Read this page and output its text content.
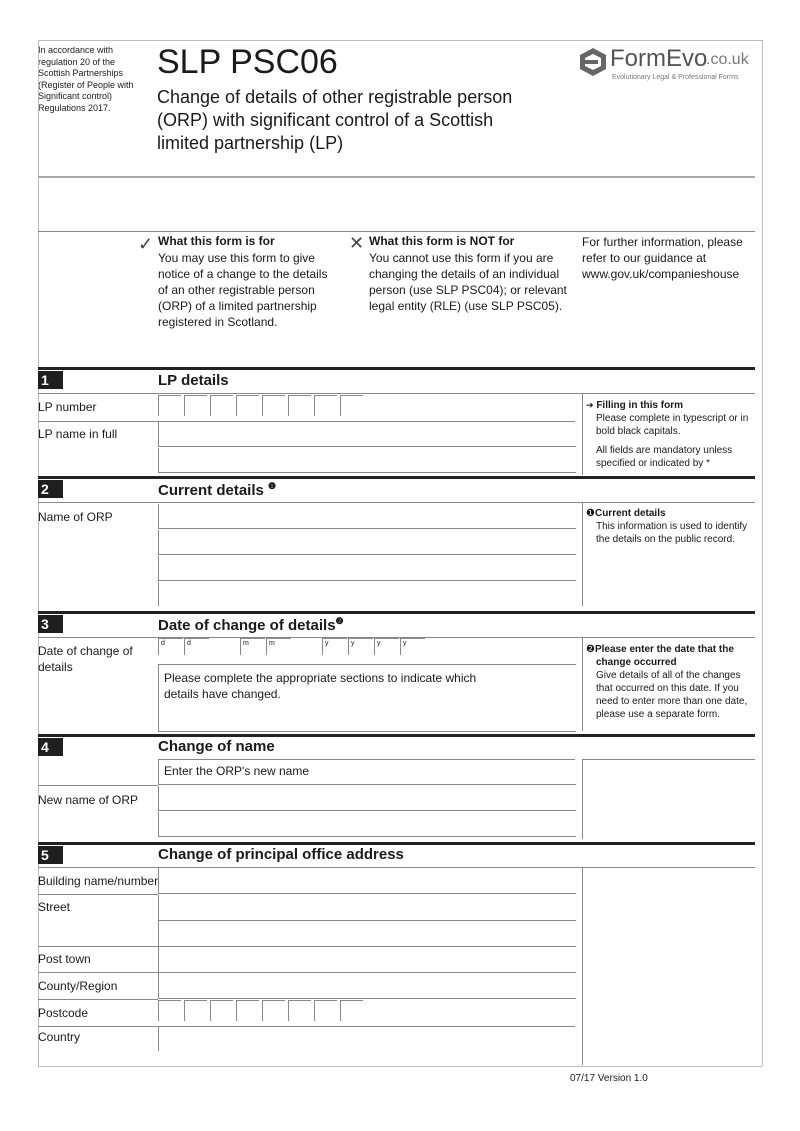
In accordance with regulation 20 of the Scottish Partnerships (Register of People with Significant control) Regulations 2017.
SLP PSC06
Change of details of other registrable person (ORP) with significant control of a Scottish limited partnership (LP)
FormEvo
.co.uk
Evolutionary Legal & Professional Forms
✓ What this form is for
You may use this form to give notice of a change to the details of an other registrable person (ORP) of a limited partnership registered in Scotland.
✕ What this form is NOT for
You cannot use this form if you are changing the details of an individual person (use SLP PSC04); or relevant legal entity (RLE) (use SLP PSC05).
For further information, please refer to our guidance at www.gov.uk/companieshouse
1	LP details
LP number
LP name in full
➔ Filling in this form
Please complete in typescript or in bold black capitals.
All fields are mandatory unless specified or indicated by *
2	Current details $^❶$
Name of ORP	❶Current details
This information is used to identify the details on the public record.
3	Date of change of details$^❷$
Date of change of details
d	d	m	m	y	y	y	y
Please complete the appropriate sections to indicate which details have changed.
❷Please enter the date that the change occurred
Give details of all of the changes that occurred on this date. If you need to enter more than one date, please use a separate form.
4	Change of name
Enter the ORP's new name
New name of ORP
5	Change of principal office address
Building name/number
Street
Post town
County/Region
Postcode
Country
07/17 Version 1.0
